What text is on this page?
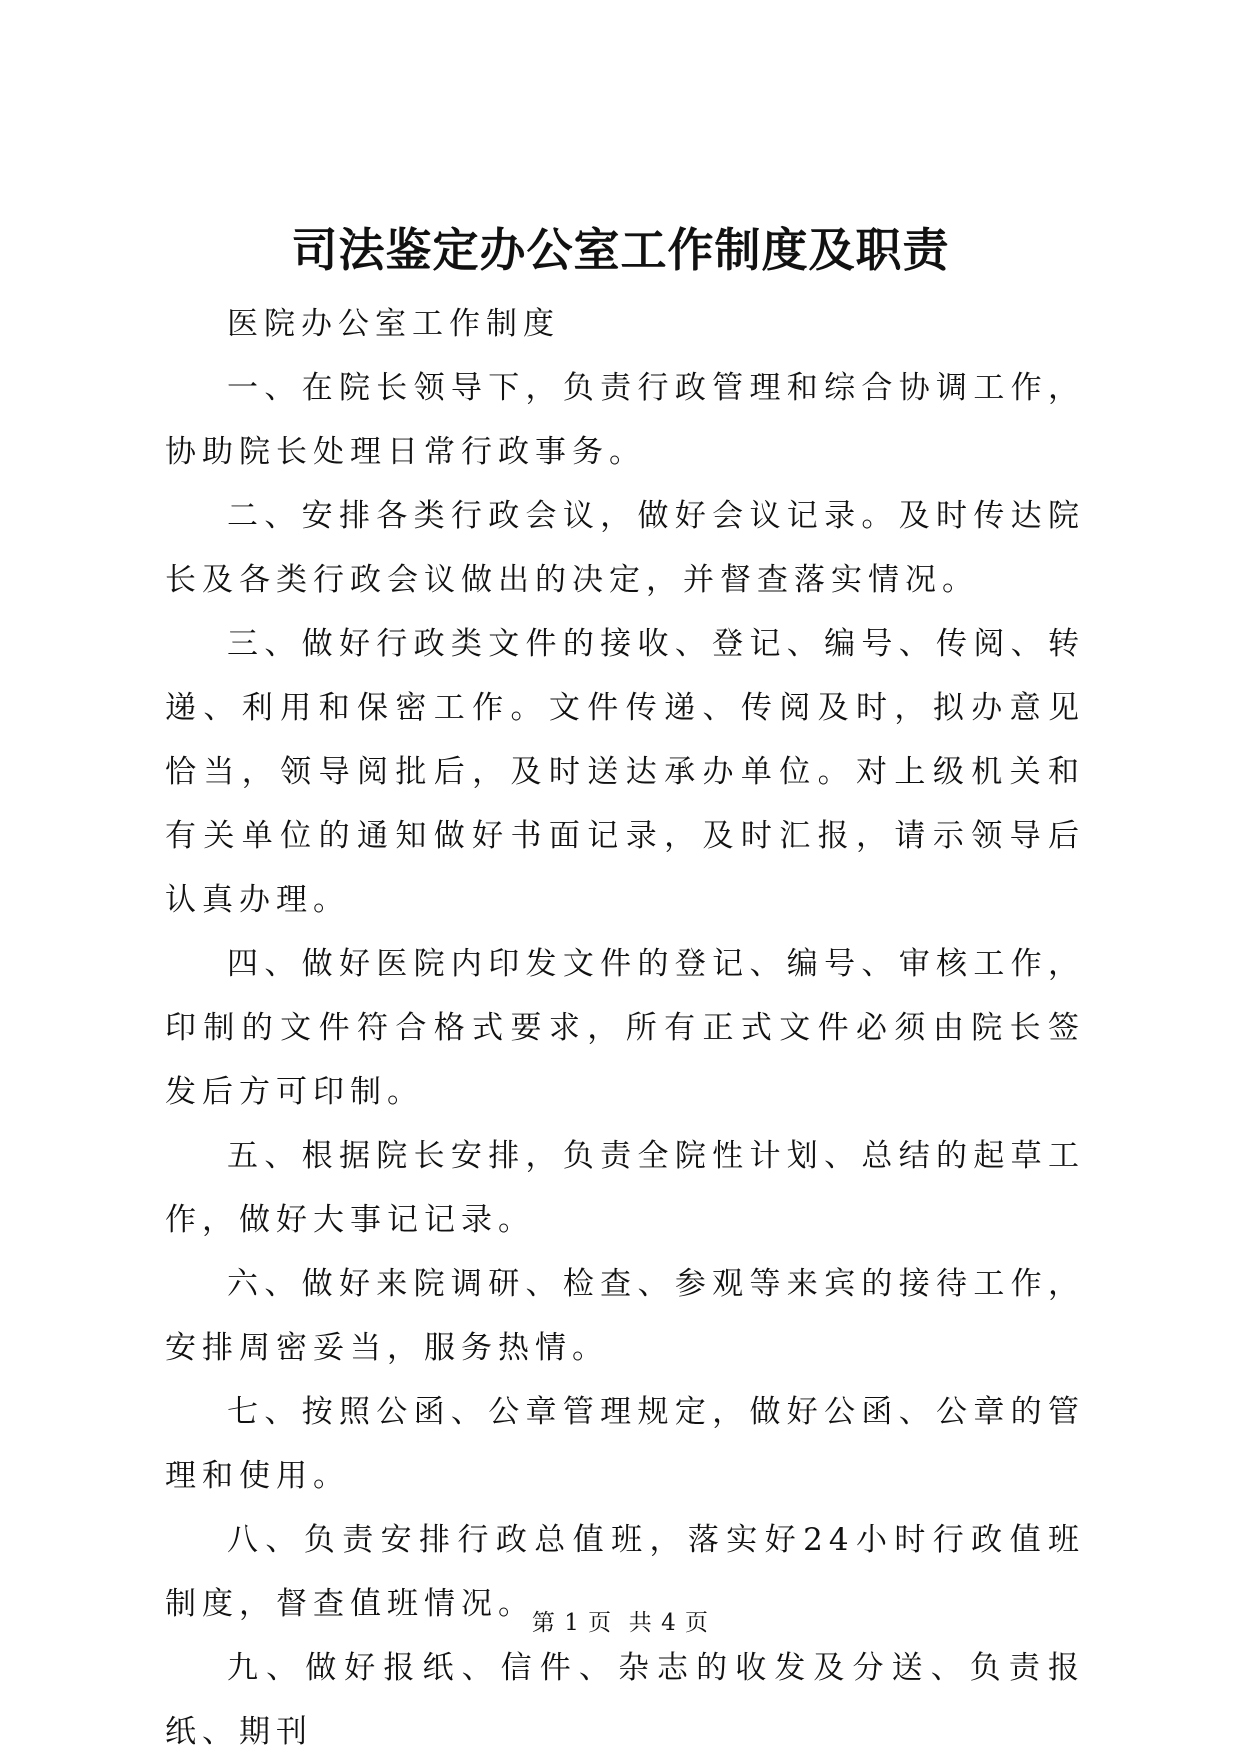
司法鉴定办公室工作制度及职责

医院办公室工作制度

一、在院长领导下，负责行政管理和综合协调工作，协助院长处理日常行政事务。

二、安排各类行政会议，做好会议记录。及时传达院长及各类行政会议做出的决定，并督查落实情况。

三、做好行政类文件的接收、登记、编号、传阅、转递、利用和保密工作。文件传递、传阅及时，拟办意见恰当，领导阅批后，及时送达承办单位。对上级机关和有关单位的通知做好书面记录，及时汇报，请示领导后认真办理。

四、做好医院内印发文件的登记、编号、审核工作，印制的文件符合格式要求，所有正式文件必须由院长签发后方可印制。

五、根据院长安排，负责全院性计划、总结的起草工作，做好大事记记录。

六、做好来院调研、检查、参观等来宾的接待工作，安排周密妥当，服务热情。

七、按照公函、公章管理规定，做好公函、公章的管理和使用。

八、负责安排行政总值班，落实好24小时行政值班制度，督查值班情况。

九、做好报纸、信件、杂志的收发及分送、负责报纸、期刊

第 1 页  共 4 页
